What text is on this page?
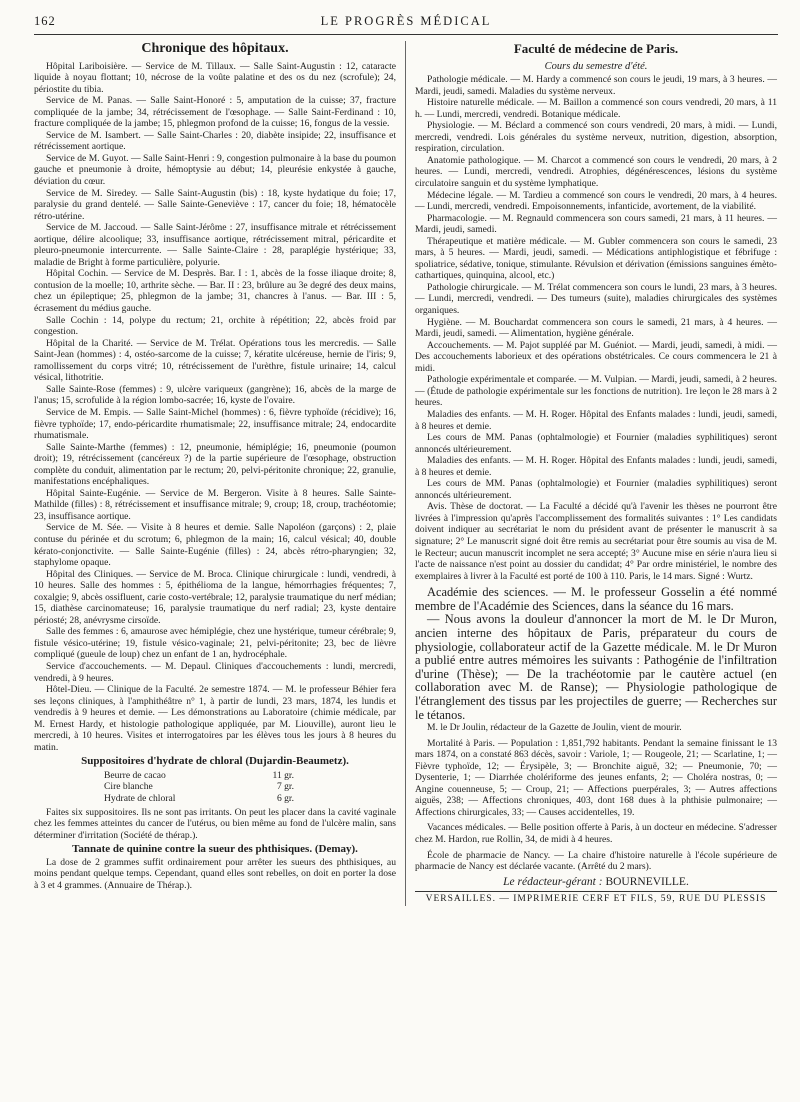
162	LE PROGRÈS MÉDICAL
Chronique des hôpitaux.

Hôpital Lariboisière. — Service de M. Tillaux. — Salle Saint-Augustin : 12, cataracte liquide à noyau flottant; 10, nécrose de la voûte palatine et des os du nez (scrofule); 24, périostite du tibia.

Service de M. Panas. — Salle Saint-Honoré : 5, amputation de la cuisse; 37, fracture compliquée de la jambe; 34, rétrécissement de l'œsophage. — Salle Saint-Ferdinand : 10, fracture compliquée de la jambe; 15, phlegmon profond de la cuisse; 16, fongus de la vessie.

Service de M. Isambert. — Salle Saint-Charles : 20, diabète insipide; 22, insuffisance et rétrécissement aortique.

Service de M. Guyot. — Salle Saint-Henri : 9, congestion pulmonaire à la base du poumon gauche et pneumonie à droite, hémoptysie au début; 14, pleurésie enkystée à gauche, déviation du cœur.

Service de M. Siredey. — Salle Saint-Augustin (bis) : 18, kyste hydatique du foie; 17, paralysie du grand dentelé. — Salle Sainte-Geneviève : 17, cancer du foie; 18, hématocèle rétro-utérine.

Service de M. Jaccoud. — Salle Saint-Jérôme : 27, insuffisance mitrale et rétrécissement aortique, délire alcoolique; 33, insuffisance aortique, rétrécissement mitral, péricardite et pleuro-pneumonie intercurrente. — Salle Sainte-Claire : 28, paraplégie hystérique; 33, maladie de Bright à forme particulière, polyurie.

Hôpital Cochin. — Service de M. Desprès. Bar. I : 1, abcès de la fosse iliaque droite; 8, contusion de la moelle; 10, arthrite sèche. — Bar. II : 23, brûlure au 3e degré des deux mains, chez un épileptique; 25, phlegmon de la jambe; 31, chancres à l'anus. — Bar. III : 5, écrasement du médius gauche.

Salle Cochin : 14, polype du rectum; 21, orchite à répétition; 22, abcès froid par congestion.

Hôpital de la Charité. — Service de M. Trélat. Opérations tous les mercredis. — Salle Saint-Jean (hommes) : 4, ostéo-sarcome de la cuisse; 7, kératite ulcéreuse, hernie de l'iris; 9, ramollissement du corps vitré; 10, rétrécissement de l'urèthre, fistule urinaire; 14, calcul vésical, lithotritie.

Salle Sainte-Rose (femmes) : 9, ulcère variqueux (gangrène); 16, abcès de la marge de l'anus; 15, scrofulide à la région lombo-sacrée; 16, kyste de l'ovaire.

Service de M. Empis. — Salle Saint-Michel (hommes) : 6, fièvre typhoïde (récidive); 16, fièvre typhoïde; 17, endo-péricardite rhumatismale; 22, insuffisance mitrale; 24, endocardite rhumatismale.

Salle Sainte-Marthe (femmes) : 12, pneumonie, hémiplégie; 16, pneumonie (poumon droit); 19, rétrécissement (cancéreux ?) de la partie supérieure de l'œsophage, obstruction complète du conduit, alimentation par le rectum; 20, pelvi-péritonite chronique; 22, granulie, manifestations encéphaliques.

Hôpital Sainte-Eugénie. — Service de M. Bergeron. Visite à 8 heures. Salle Sainte-Mathilde (filles) : 8, rétrécissement et insuffisance mitrale; 9, croup; 18, croup, trachéotomie; 23, insuffisance aortique.

Service de M. Sée. — Visite à 8 heures et demie. Salle Napoléon (garçons) : 2, plaie contuse du périnée et du scrotum; 6, phlegmon de la main; 16, calcul vésical; 40, double kérato-conjonctivite. — Salle Sainte-Eugénie (filles) : 24, abcès rétro-pharyngien; 32, staphylome opaque.

Hôpital des Cliniques. — Service de M. Broca. Clinique chirurgicale : lundi, vendredi, à 10 heures. Salle des hommes : 5, épithélioma de la langue, hémorrhagies fréquentes; 7, coxalgie; 9, abcès ossifluent, carie costo-vertébrale; 12, paralysie traumatique du nerf médian; 15, diathèse carcinomateuse; 16, paralysie traumatique du nerf radial; 23, kyste dentaire périosté; 28, anévrysme cirsoïde.

Salle des femmes : 6, amaurose avec hémiplégie, chez une hystérique, tumeur cérébrale; 9, fistule vésico-utérine; 19, fistule vésico-vaginale; 21, pelvi-péritonite; 23, bec de lièvre compliqué (gueule de loup) chez un enfant de 1 an, hydrocéphale.

Service d'accouchements. — M. Depaul. Cliniques d'accouchements : lundi, mercredi, vendredi, à 9 heures.

Hôtel-Dieu. — Clinique de la Faculté. 2e semestre 1874. — M. le professeur Béhier fera ses leçons cliniques, à l'amphithéâtre n° 1, à partir de lundi, 23 mars, 1874, les lundis et vendredis à 9 heures et demie. — Les démonstrations au Laboratoire (chimie médicale, par M. Ernest Hardy, et histologie pathologique appliquée, par M. Liouville), auront lieu le mercredi, à 10 heures. Visites et interrogatoires par les élèves tous les jours à 8 heures du matin.

Suppositoires d'hydrate de chloral (Dujardin-Beaumetz).
Beurre de cacao	11 gr.
Cire blanche	7 gr.
Hydrate de chloral	6 gr.

Faites six suppositoires. Ils ne sont pas irritants. On peut les placer dans la cavité vaginale chez les femmes atteintes du cancer de l'utérus, ou bien même au fond de l'ulcère malin, sans déterminer d'irritation (Société de thérap.).

Tannate de quinine contre la sueur des phthisiques. (Demay).

La dose de 2 grammes suffit ordinairement pour arrêter les sueurs des phthisiques, au moins pendant quelque temps. Cependant, quand elles sont rebelles, on doit en porter la dose à 3 et 4 grammes. (Annuaire de Thérap.).

Faculté de médecine de Paris.
Cours du semestre d'été.

Pathologie médicale. — M. Hardy a commencé son cours le jeudi, 19 mars, à 3 heures. — Mardi, jeudi, samedi. Maladies du système nerveux.

Histoire naturelle médicale. — M. Baillon a commencé son cours vendredi, 20 mars, à 11 h. — Lundi, mercredi, vendredi. Botanique médicale.

Physiologie. — M. Béclard a commencé son cours vendredi, 20 mars, à midi. — Lundi, mercredi, vendredi. Lois générales du système nerveux, nutrition, digestion, absorption, respiration, circulation.

Anatomie pathologique. — M. Charcot a commencé son cours le vendredi, 20 mars, à 2 heures. — Lundi, mercredi, vendredi. Atrophies, dégénérescences, lésions du système circulatoire sanguin et du système lymphatique.

Médecine légale. — M. Tardieu a commencé son cours le vendredi, 20 mars, à 4 heures. — Lundi, mercredi, vendredi. Empoisonnements, infanticide, avortement, de la viabilité.

Pharmacologie. — M. Regnauld commencera son cours samedi, 21 mars, à 11 heures. — Mardi, jeudi, samedi.

Thérapeutique et matière médicale. — M. Gubler commencera son cours le samedi, 23 mars, à 5 heures. — Mardi, jeudi, samedi. — Médications antiphlogistique et fébrifuge : spoliatrice, sédative, tonique, stimulante. Révulsion et dérivation (émissions sanguines émèto-cathartiques, quinquina, alcool, etc.)

Pathologie chirurgicale. — M. Trélat commencera son cours le lundi, 23 mars, à 3 heures. — Lundi, mercredi, vendredi. — Des tumeurs (suite), maladies chirurgicales des systèmes organiques.

Hygiène. — M. Bouchardat commencera son cours le samedi, 21 mars, à 4 heures. — Mardi, jeudi, samedi. — Alimentation, hygiène générale.

Accouchements. — M. Pajot suppléé par M. Guéniot. — Mardi, jeudi, samedi, à midi. — Des accouchements laborieux et des opérations obstétricales. Ce cours commencera le 21 à midi.

Pathologie expérimentale et comparée. — M. Vulpian. — Mardi, jeudi, samedi, à 2 heures. — (Étude de pathologie expérimentale sur les fonctions de nutrition). 1re leçon le 28 mars à 2 heures.

Maladies des enfants. — M. H. Roger. Hôpital des Enfants malades : lundi, jeudi, samedi, à 8 heures et demie.

Les cours de MM. Panas (ophtalmologie) et Fournier (maladies syphilitiques) seront annoncés ultérieurement.

Maladies des enfants. — M. H. Roger. Hôpital des Enfants malades : lundi, jeudi, samedi, à 8 heures et demie.

Les cours de MM. Panas (ophtalmologie) et Fournier (maladies syphilitiques) seront annoncés ultérieurement.

Avis. Thèse de doctorat. — La Faculté a décidé qu'à l'avenir les thèses ne pourront être livrées à l'impression qu'après l'accomplissement des formalités suivantes : 1° Les candidats doivent indiquer au secrétariat le nom du président avant de présenter le manuscrit à sa signature; 2° Le manuscrit signé doit être remis au secrétariat pour être soumis au visa de M. le Recteur; aucun manuscrit incomplet ne sera accepté; 3° Aucune mise en série n'aura lieu si l'acte de naissance n'est point au dossier du candidat; 4° Par ordre ministériel, le nombre des exemplaires à livrer à la Faculté est porté de 100 à 110. Paris, le 14 mars. Signé : Wurtz.

Académie des sciences. — M. le professeur Gosselin a été nommé membre de l'Académie des Sciences, dans la séance du 16 mars.

— Nous avons la douleur d'annoncer la mort de M. le Dr Muron, ancien interne des hôpitaux de Paris, préparateur du cours de physiologie, collaborateur actif de la Gazette médicale. M. le Dr Muron a publié entre autres mémoires les suivants : Pathogénie de l'infiltration d'urine (Thèse); — De la trachéotomie par le cautère actuel (en collaboration avec M. de Ranse); — Physiologie pathologique de l'étranglement des tissus par les projectiles de guerre; — Recherches sur le tétanos.

M. le Dr Joulin, rédacteur de la Gazette de Joulin, vient de mourir.

Mortalité à Paris. — Population : 1,851,792 habitants. Pendant la semaine finissant le 13 mars 1874, on a constaté 863 décès, savoir : Variole, 1; — Rougeole, 21; — Scarlatine, 1; — Fièvre typhoïde, 12; — Érysipèle, 3; — Bronchite aiguë, 32; — Pneumonie, 70; — Dysenterie, 1; — Diarrhée cholériforme des jeunes enfants, 2; — Choléra nostras, 0; — Angine couenneuse, 5; — Croup, 21; — Affections puerpérales, 3; — Autres affections aiguës, 238; — Affections chroniques, 403, dont 168 dues à la phthisie pulmonaire; — Affections chirurgicales, 33; — Causes accidentelles, 19.

Vacances médicales. — Belle position offerte à Paris, à un docteur en médecine. S'adresser chez M. Hardon, rue Rollin, 34, de midi à 4 heures.

École de pharmacie de Nancy. — La chaire d'histoire naturelle à l'école supérieure de pharmacie de Nancy est déclarée vacante. (Arrêté du 2 mars).

Le rédacteur-gérant : BOURNEVILLE.
VERSAILLES. — IMPRIMERIE CERF ET FILS, 59, RUE DU PLESSIS
